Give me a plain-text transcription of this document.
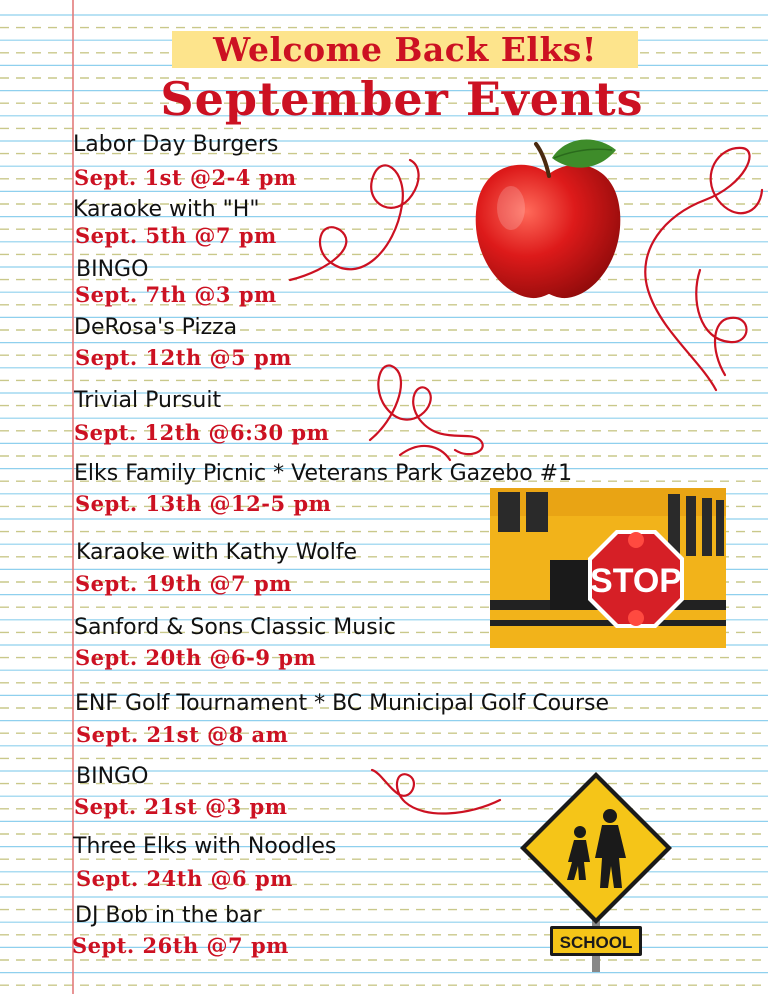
Welcome Back Elks!
September Events
Labor Day Burgers
Sept. 1st @2-4 pm
Karaoke with "H"
Sept. 5th @7 pm
BINGO
Sept. 7th @3 pm
DeRosa's Pizza
Sept. 12th @5 pm
Trivial Pursuit
Sept. 12th @6:30 pm
Elks Family Picnic * Veterans Park Gazebo #1
Sept. 13th @12-5 pm
Karaoke with Kathy Wolfe
Sept. 19th @7 pm
Sanford & Sons Classic Music
Sept. 20th @6-9 pm
ENF Golf Tournament * BC Municipal Golf Course
Sept. 21st @8 am
BINGO
Sept. 21st @3 pm
Three Elks with Noodles
Sept. 24th @6 pm
DJ Bob in the bar
Sept. 26th @7 pm
STOP
SCHOOL
